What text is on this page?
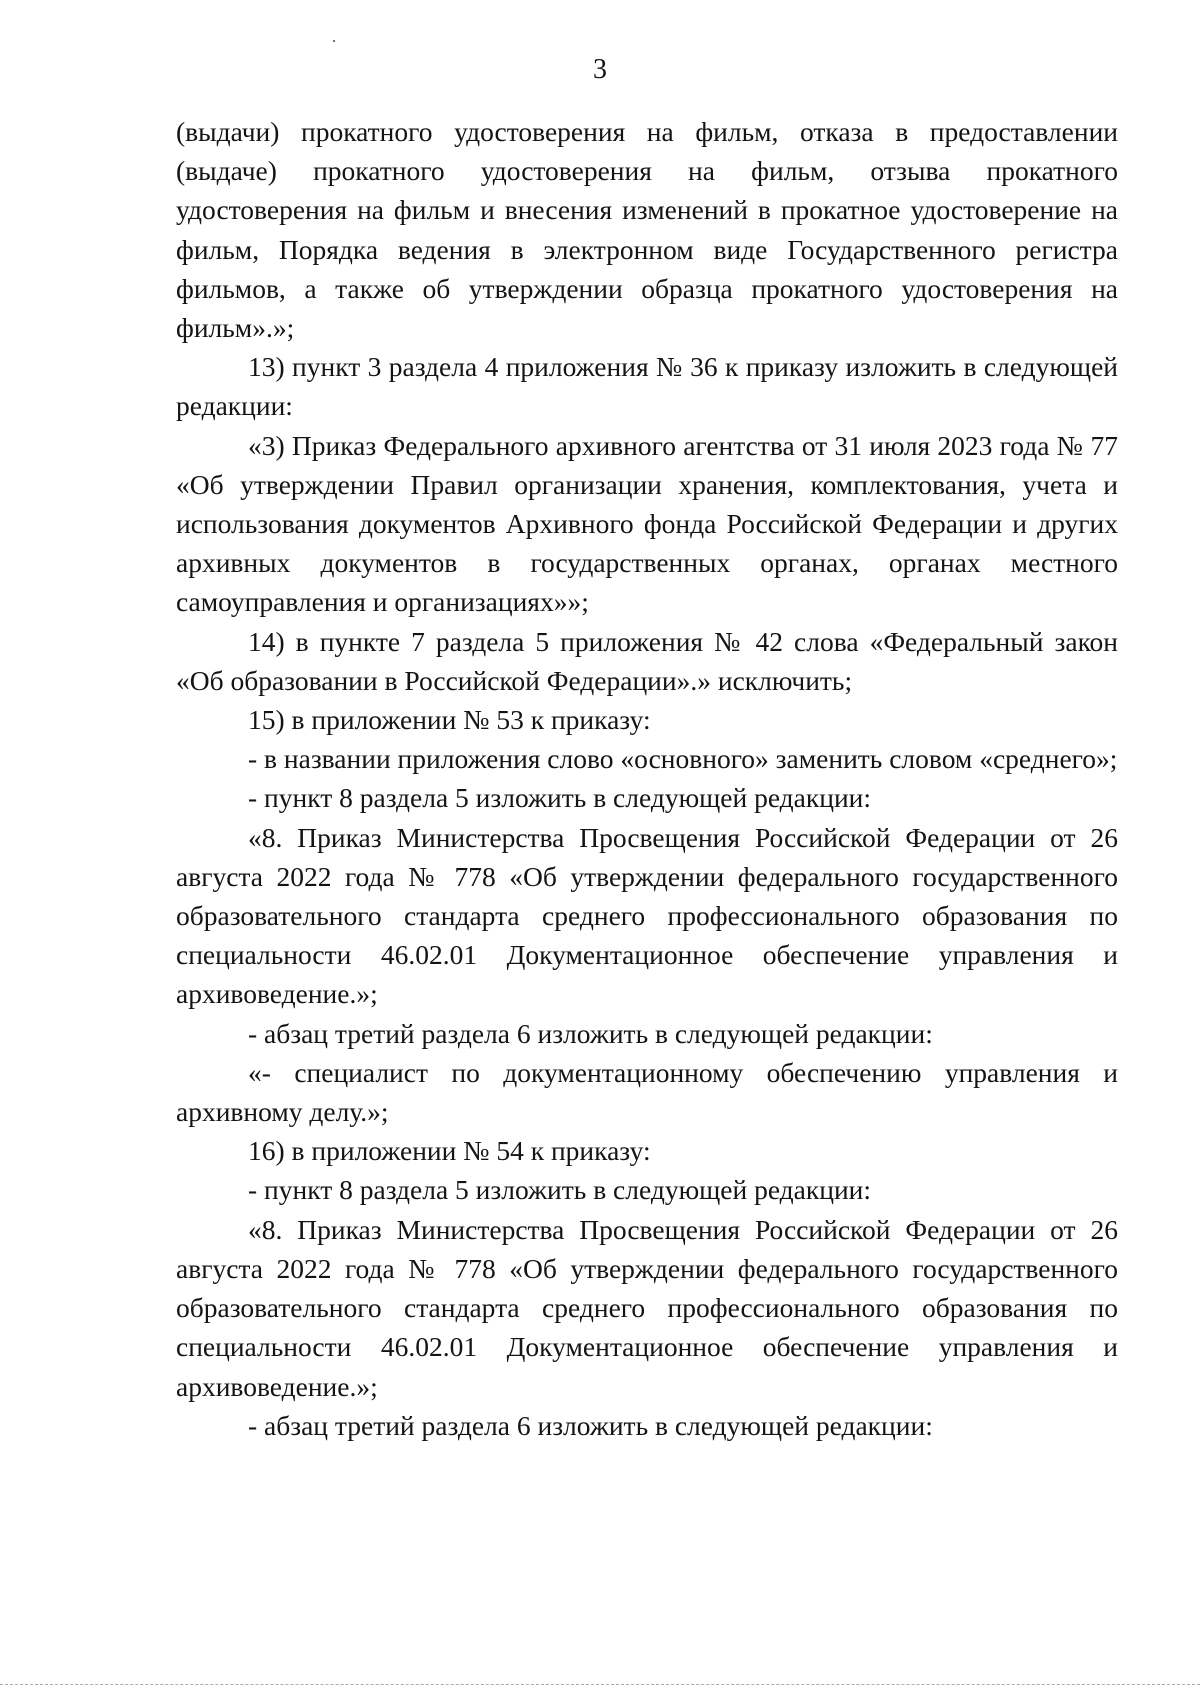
3

(выдачи) прокатного удостоверения на фильм, отказа в предоставлении (выдаче) прокатного удостоверения на фильм, отзыва прокатного удостоверения на фильм и внесения изменений в прокатное удостоверение на фильм, Порядка ведения в электронном виде Государственного регистра фильмов, а также об утверждении образца прокатного удостоверения на фильм».»;

13) пункт 3 раздела 4 приложения № 36 к приказу изложить в следующей редакции:

«3) Приказ Федерального архивного агентства от 31 июля 2023 года № 77 «Об утверждении Правил организации хранения, комплектования, учета и использования документов Архивного фонда Российской Федерации и других архивных документов в государственных органах, органах местного самоуправления и организациях»»;

14) в пункте 7 раздела 5 приложения № 42 слова «Федеральный закон «Об образовании в Российской Федерации».» исключить;

15) в приложении № 53 к приказу:

- в названии приложения слово «основного» заменить словом «среднего»;

- пункт 8 раздела 5 изложить в следующей редакции:

«8. Приказ Министерства Просвещения Российской Федерации от 26 августа 2022 года № 778 «Об утверждении федерального государственного образовательного стандарта среднего профессионального образования по специальности 46.02.01 Документационное обеспечение управления и архивоведение.»;

- абзац третий раздела 6 изложить в следующей редакции:

«- специалист по документационному обеспечению управления и архивному делу.»;

16) в приложении № 54 к приказу:

- пункт 8 раздела 5 изложить в следующей редакции:

«8. Приказ Министерства Просвещения Российской Федерации от 26 августа 2022 года № 778 «Об утверждении федерального государственного образовательного стандарта среднего профессионального образования по специальности 46.02.01 Документационное обеспечение управления и архивоведение.»;

- абзац третий раздела 6 изложить в следующей редакции:
